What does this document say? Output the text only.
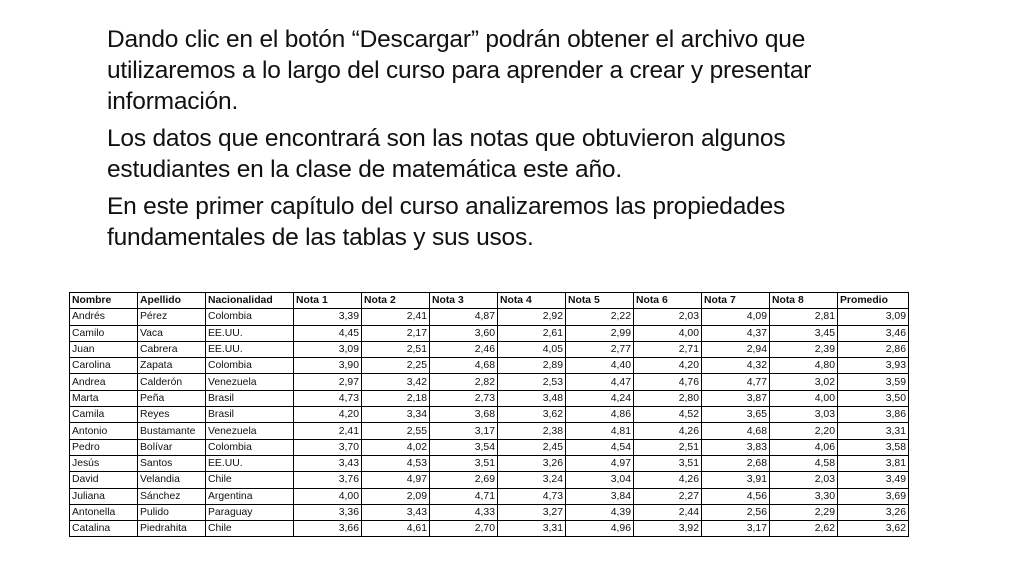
Dando clic en el botón “Descargar” podrán obtener el archivo que utilizaremos a lo largo del curso para aprender a crear y presentar información.

Los datos que encontrará son las notas que obtuvieron algunos estudiantes en la clase de matemática este año.

En este primer capítulo del curso analizaremos las propiedades fundamentales de las tablas y sus usos.

Nombre	Apellido	Nacionalidad	Nota 1	Nota 2	Nota 3	Nota 4	Nota 5	Nota 6	Nota 7	Nota 8	Promedio
Andrés	Pérez	Colombia	3,39	2,41	4,87	2,92	2,22	2,03	4,09	2,81	3,09
Camilo	Vaca	EE.UU.	4,45	2,17	3,60	2,61	2,99	4,00	4,37	3,45	3,46
Juan	Cabrera	EE.UU.	3,09	2,51	2,46	4,05	2,77	2,71	2,94	2,39	2,86
Carolina	Zapata	Colombia	3,90	2,25	4,68	2,89	4,40	4,20	4,32	4,80	3,93
Andrea	Calderón	Venezuela	2,97	3,42	2,82	2,53	4,47	4,76	4,77	3,02	3,59
Marta	Peña	Brasil	4,73	2,18	2,73	3,48	4,24	2,80	3,87	4,00	3,50
Camila	Reyes	Brasil	4,20	3,34	3,68	3,62	4,86	4,52	3,65	3,03	3,86
Antonio	Bustamante	Venezuela	2,41	2,55	3,17	2,38	4,81	4,26	4,68	2,20	3,31
Pedro	Bolívar	Colombia	3,70	4,02	3,54	2,45	4,54	2,51	3,83	4,06	3,58
Jesús	Santos	EE.UU.	3,43	4,53	3,51	3,26	4,97	3,51	2,68	4,58	3,81
David	Velandia	Chile	3,76	4,97	2,69	3,24	3,04	4,26	3,91	2,03	3,49
Juliana	Sánchez	Argentina	4,00	2,09	4,71	4,73	3,84	2,27	4,56	3,30	3,69
Antonella	Pulido	Paraguay	3,36	3,43	4,33	3,27	4,39	2,44	2,56	2,29	3,26
Catalina	Piedrahita	Chile	3,66	4,61	2,70	3,31	4,96	3,92	3,17	2,62	3,62
